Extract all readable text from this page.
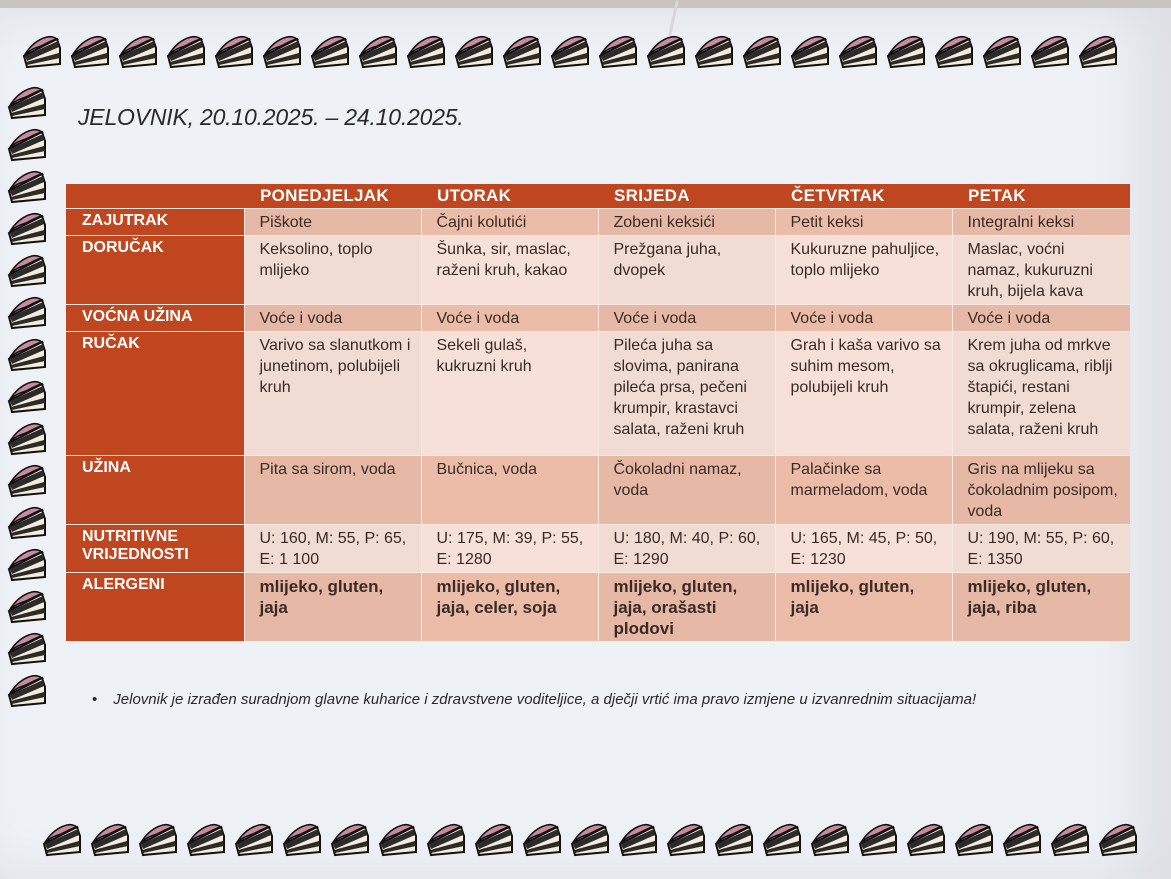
JELOVNIK, 20.10.2025. – 24.10.2025.
	PONEDJELJAK	UTORAK	SRIJEDA	ČETVRTAK	PETAK
ZAJUTRAK	Piškote	Čajni kolutići	Zobeni keksići	Petit keksi	Integralni keksi
DORUČAK	Keksolino, toplo mlijeko	Šunka, sir, maslac, raženi kruh, kakao	Prežgana juha, dvopek	Kukuruzne pahuljice, toplo mlijeko	Maslac, voćni namaz, kukuruzni kruh, bijela kava
VOĆNA UŽINA	Voće i voda	Voće i voda	Voće i voda	Voće i voda	Voće i voda
RUČAK	Varivo sa slanutkom i junetinom, polubijeli kruh	Sekeli gulaš, kukruzni kruh	Pileća juha sa slovima, panirana pileća prsa, pečeni krumpir, krastavci salata, raženi kruh	Grah i kaša varivo sa suhim mesom, polubijeli kruh	Krem juha od mrkve sa okruglicama, riblji štapići, restani krumpir, zelena salata, raženi kruh
UŽINA	Pita sa sirom, voda	Bučnica, voda	Čokoladni namaz, voda	Palačinke sa marmeladom, voda	Gris na mlijeku sa čokoladnim posipom, voda
NUTRITIVNE VRIJEDNOSTI	U: 160, M: 55, P: 65, E: 1 100	U: 175, M: 39, P: 55, E: 1280	U: 180, M: 40, P: 60, E: 1290	U: 165, M: 45, P: 50, E: 1230	U: 190, M: 55, P: 60, E: 1350
ALERGENI	mlijeko, gluten, jaja	mlijeko, gluten, jaja, celer, soja	mlijeko, gluten, jaja, orašasti plodovi	mlijeko, gluten, jaja	mlijeko, gluten, jaja, riba
• Jelovnik je izrađen suradnjom glavne kuharice i zdravstvene voditeljice, a dječji vrtić ima pravo izmjene u izvanrednim situacijama!
